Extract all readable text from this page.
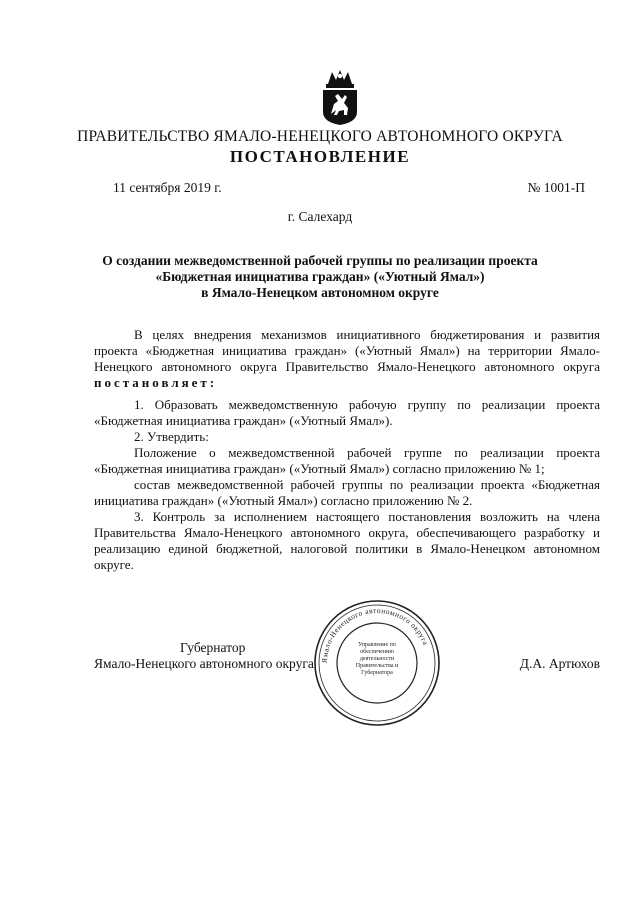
ПРАВИТЕЛЬСТВО ЯМАЛО-НЕНЕЦКОГО АВТОНОМНОГО ОКРУГА
ПОСТАНОВЛЕНИЕ
11 сентября 2019 г.	№ 1001-П
г. Салехард
О создании межведомственной рабочей группы по реализации проекта
«Бюджетная инициатива граждан» («Уютный Ямал»)
в Ямало-Ненецком автономном округе
В целях внедрения механизмов инициативного бюджетирования и развития проекта «Бюджетная инициатива граждан» («Уютный Ямал») на территории Ямало-Ненецкого автономного округа Правительство Ямало-Ненецкого автономного округа постановляет:
1. Образовать межведомственную рабочую группу по реализации проекта «Бюджетная инициатива граждан» («Уютный Ямал»).
2. Утвердить:
Положение о межведомственной рабочей группе по реализации проекта «Бюджетная инициатива граждан» («Уютный Ямал») согласно приложению № 1;
состав межведомственной рабочей группы по реализации проекта «Бюджетная инициатива граждан» («Уютный Ямал») согласно приложению № 2.
3. Контроль за исполнением настоящего постановления возложить на члена Правительства Ямало-Ненецкого автономного округа, обеспечивающего разработку и реализацию единой бюджетной, налоговой политики в Ямало-Ненецком автономном округе.
Губернатор
Ямало-Ненецкого автономного округа	Д.А. Артюхов
Ямало-Ненецкого автономного округа
Управление по обеспечению деятельности Правительства и Губернатора
